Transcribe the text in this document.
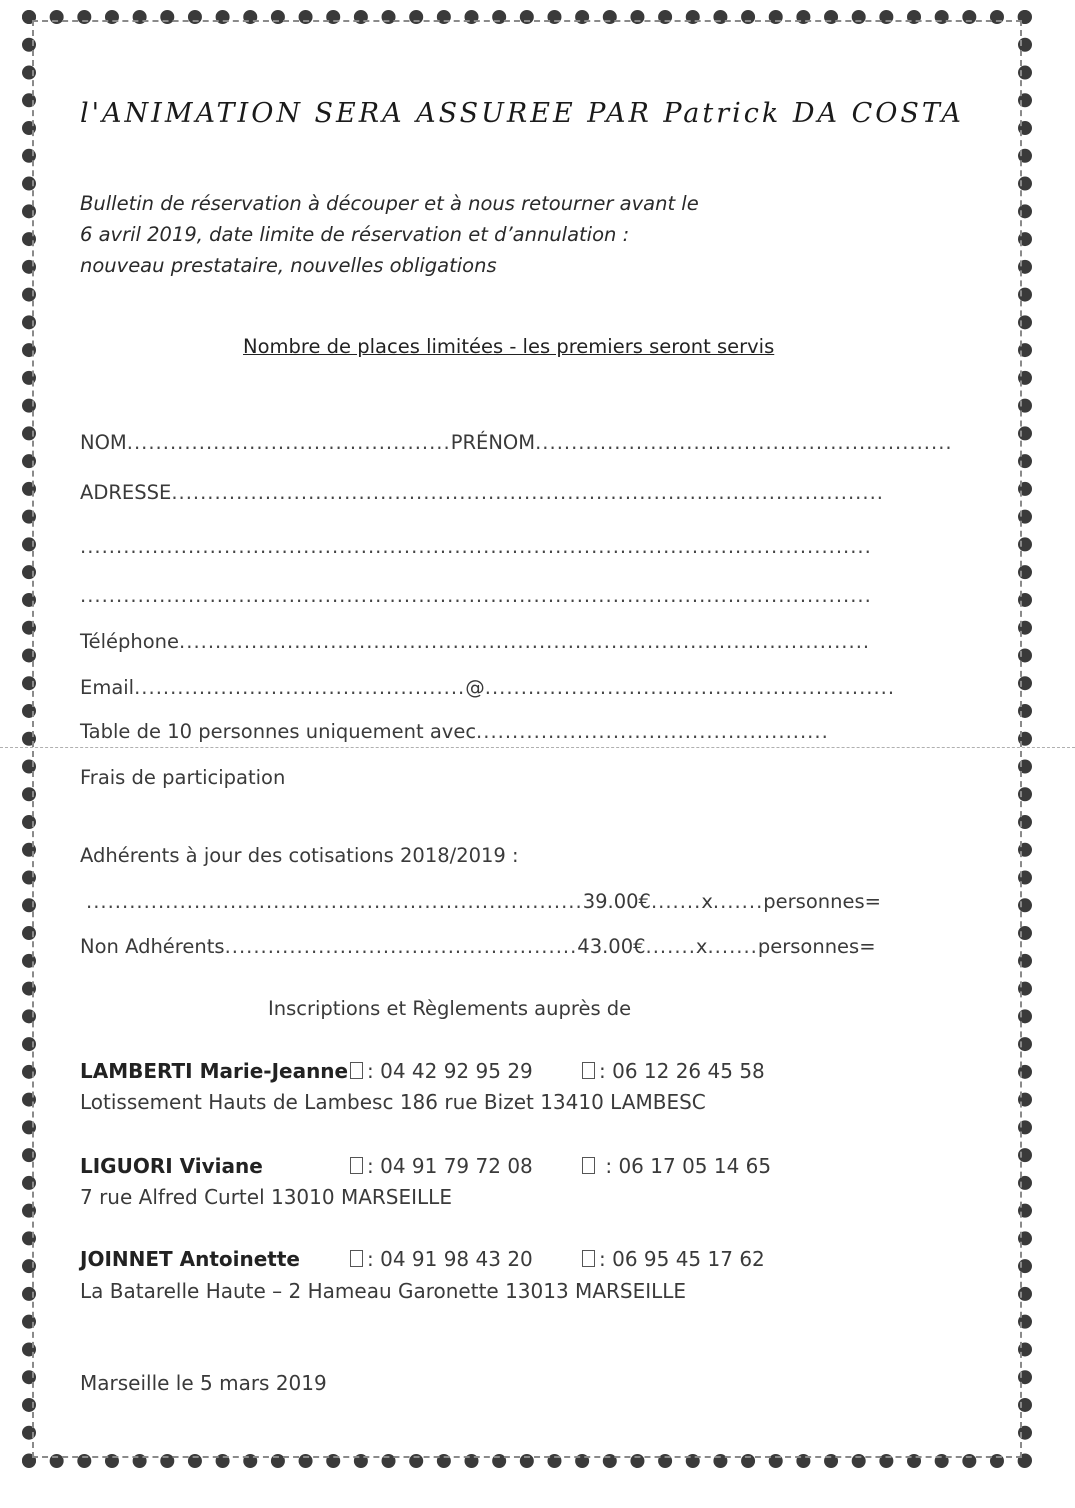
l'ANIMATION SERA ASSUREE PAR Patrick DA COSTA
Bulletin de réservation à découper et à nous retourner avant le
6 avril 2019, date limite de réservation et d’annulation :
nouveau prestataire, nouvelles obligations
Nombre de places limitées - les premiers seront servis
NOM.............................................PRÉNOM..........................................................
ADRESSE...................................................................................................
..............................................................................................................
..............................................................................................................
Téléphone................................................................................................
Email..............................................@.........................................................
Table de 10 personnes uniquement avec.................................................
Frais de participation
Adhérents à jour des cotisations 2018/2019 :
.....................................................................39.00€.......x.......personnes=
Non Adhérents.................................................43.00€.......x.......personnes=
Inscriptions et Règlements auprès de
LAMBERTI Marie-Jeanne : 04 42 92 95 29	: 06 12 26 45 58
Lotissement Hauts de Lambesc 186 rue Bizet 13410 LAMBESC
LIGUORI Viviane	: 04 91 79 72 08	: 06 17 05 14 65
7 rue Alfred Curtel 13010 MARSEILLE
JOINNET Antoinette	: 04 91 98 43 20	: 06 95 45 17 62
La Batarelle Haute – 2 Hameau Garonette 13013 MARSEILLE
Marseille le 5 mars 2019
